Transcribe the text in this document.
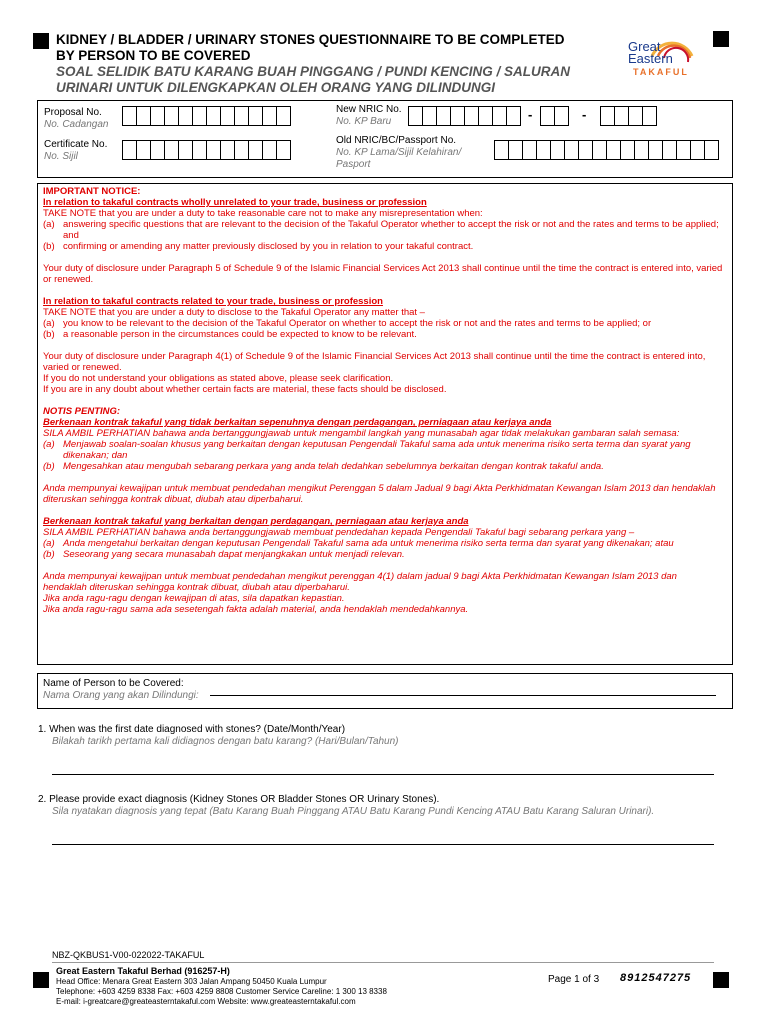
KIDNEY / BLADDER / URINARY STONES QUESTIONNAIRE TO BE COMPLETED
BY PERSON TO BE COVERED
SOAL SELIDIK BATU KARANG BUAH PINGGANG / PUNDI KENCING / SALURAN
URINARI UNTUK DILENGKAPKAN OLEH ORANG YANG DILINDUNGI
Great
Eastern
TAKAFUL
Proposal No.
No. Cadangan
Certificate No.
No. Sijil
New NRIC No.
No. KP Baru	-	-
Old NRIC/BC/Passport No.
No. KP Lama/Sijil Kelahiran/ Pasport

IMPORTANT NOTICE:

In relation to takaful contracts wholly unrelated to your trade, business or profession

TAKE NOTE that you are under a duty to take reasonable care not to make any misrepresentation when:

(a) answering specific questions that are relevant to the decision of the Takaful Operator whether to accept the risk or not and the rates and terms to be applied; and
(b) confirming or amending any matter previously disclosed by you in relation to your takaful contract.

Your duty of disclosure under Paragraph 5 of Schedule 9 of the Islamic Financial Services Act 2013 shall continue until the time the contract is entered into, varied or renewed.

In relation to takaful contracts related to your trade, business or profession

TAKE NOTE that you are under a duty to disclose to the Takaful Operator any matter that –

(a) you know to be relevant to the decision of the Takaful Operator on whether to accept the risk or not and the rates and terms to be applied; or
(b) a reasonable person in the circumstances could be expected to know to be relevant.

Your duty of disclosure under Paragraph 4(1) of Schedule 9 of the Islamic Financial Services Act 2013 shall continue until the time the contract is entered into, varied or renewed.

If you do not understand your obligations as stated above, please seek clarification.

If you are in any doubt about whether certain facts are material, these facts should be disclosed.

NOTIS PENTING:

Berkenaan kontrak takaful yang tidak berkaitan sepenuhnya dengan perdagangan, perniagaan atau kerjaya anda

SILA AMBIL PERHATIAN bahawa anda bertanggungjawab untuk mengambil langkah yang munasabah agar tidak melakukan gambaran salah semasa:

(a) Menjawab soalan-soalan khusus yang berkaitan dengan keputusan Pengendali Takaful sama ada untuk menerima risiko serta terma dan syarat yang dikenakan; dan
(b) Mengesahkan atau mengubah sebarang perkara yang anda telah dedahkan sebelumnya berkaitan dengan kontrak takaful anda.

Anda mempunyai kewajipan untuk membuat pendedahan mengikut Perenggan 5 dalam Jadual 9 bagi Akta Perkhidmatan Kewangan Islam 2013 dan hendaklah diteruskan sehingga kontrak dibuat, diubah atau diperbaharui.

Berkenaan kontrak takaful yang berkaitan dengan perdagangan, perniagaan atau kerjaya anda

SILA AMBIL PERHATIAN bahawa anda bertanggungjawab membuat pendedahan kepada Pengendali Takaful bagi sebarang perkara yang –

(a) Anda mengetahui berkaitan dengan keputusan Pengendali Takaful sama ada untuk menerima risiko serta terma dan syarat yang dikenakan; atau
(b) Seseorang yang secara munasabah dapat menjangkakan untuk menjadi relevan.

Anda mempunyai kewajipan untuk membuat pendedahan mengikut perenggan 4(1) dalam jadual 9 bagi Akta Perkhidmatan Kewangan Islam 2013 dan hendaklah diteruskan sehingga kontrak dibuat, diubah atau diperbaharui.

Jika anda ragu-ragu dengan kewajipan di atas, sila dapatkan kepastian.

Jika anda ragu-ragu sama ada sesetengah fakta adalah material, anda hendaklah mendedahkannya.

Name of Person to be Covered:
Nama Orang yang akan Dilindungi:
1. When was the first date diagnosed with stones? (Date/Month/Year)
Bilakah tarikh pertama kali didiagnos dengan batu karang? (Hari/Bulan/Tahun)
2. Please provide exact diagnosis (Kidney Stones OR Bladder Stones OR Urinary Stones).
Sila nyatakan diagnosis yang tepat (Batu Karang Buah Pinggang ATAU Batu Karang Pundi Kencing ATAU Batu Karang Saluran Urinari).
NBZ-QKBUS1-V00-022022-TAKAFUL
Great Eastern Takaful Berhad (916257-H)
Head Office: Menara Great Eastern 303 Jalan Ampang 50450 Kuala Lumpur
Telephone: +603 4259 8338 Fax: +603 4259 8808 Customer Service Careline: 1 300 13 8338
E-mail: i-greatcare@greateasterntakaful.com Website: www.greateasterntakaful.com
Page 1 of 3 8912547275
